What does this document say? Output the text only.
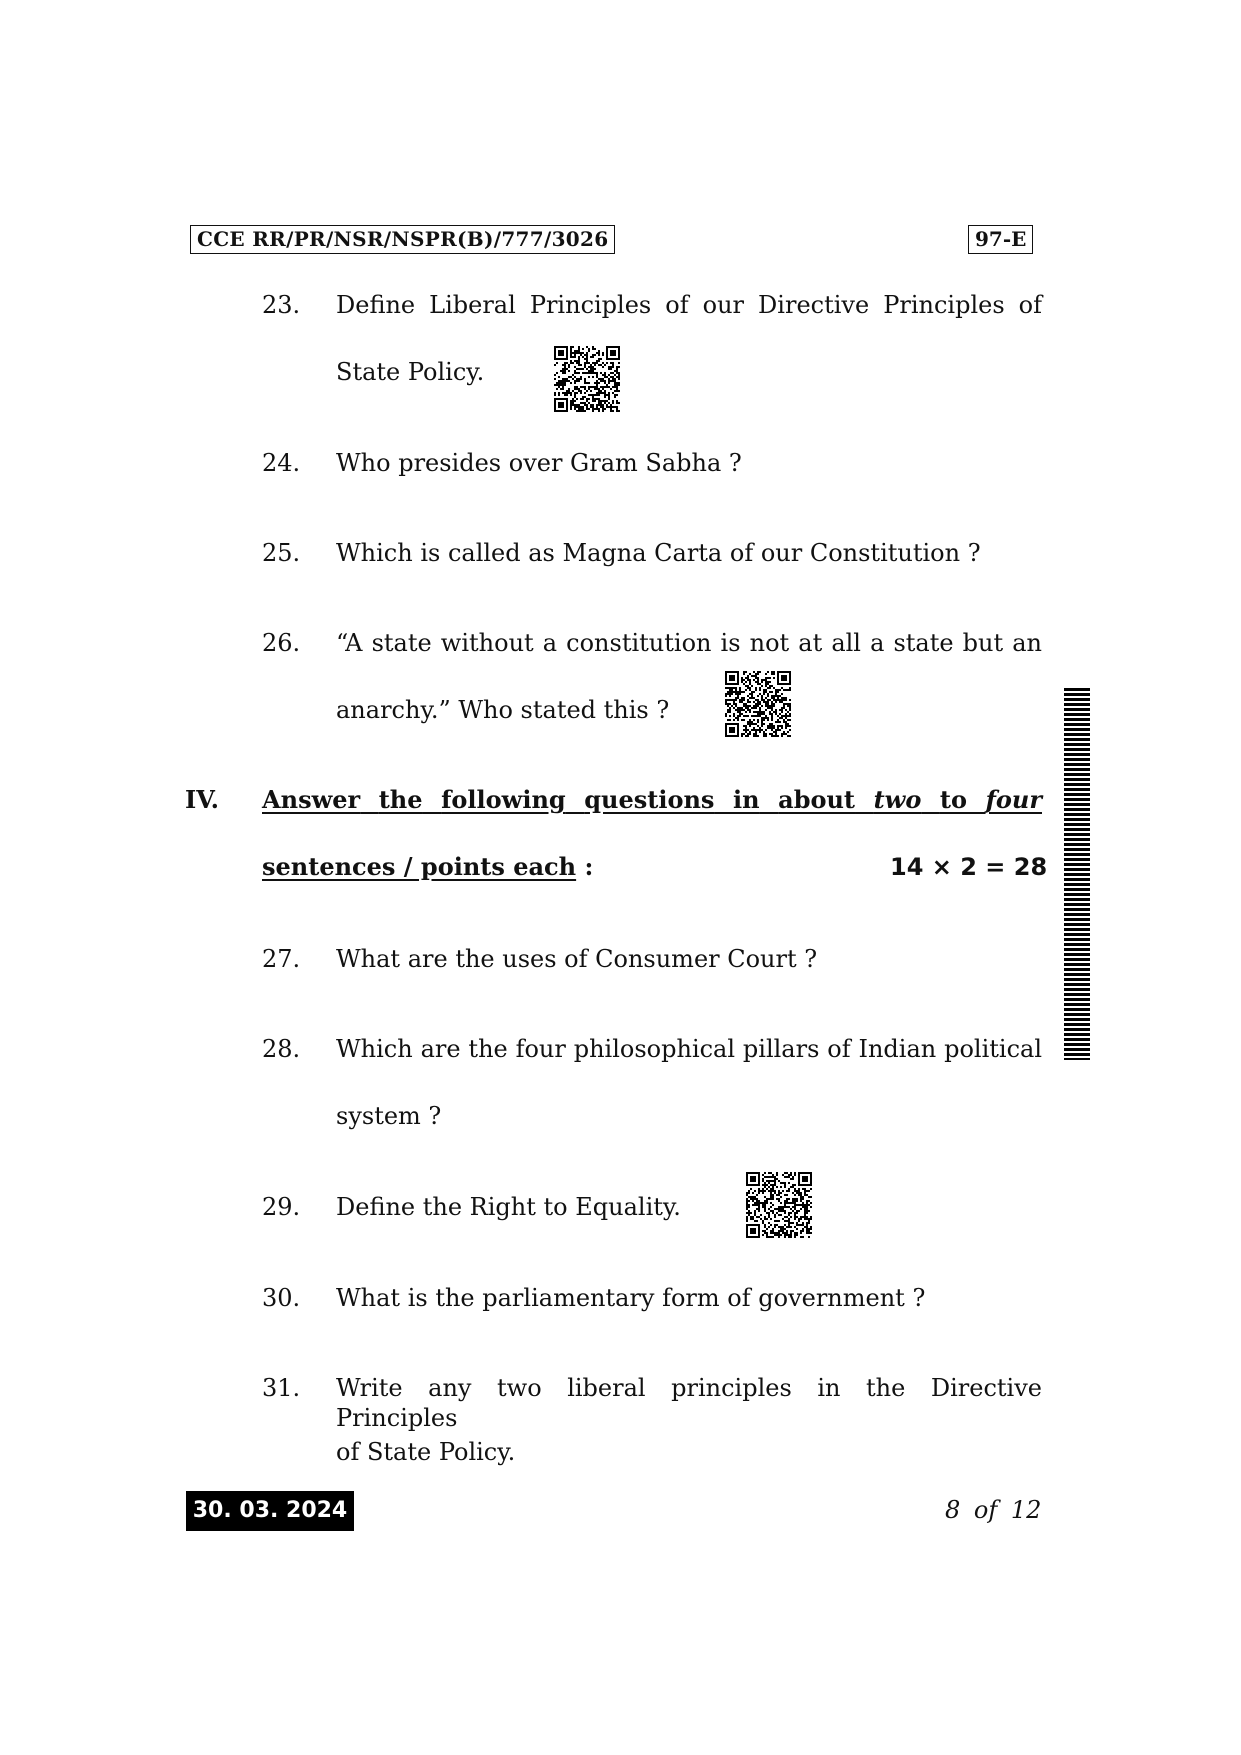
CCE RR/PR/NSR/NSPR(B)/777/3026	97-E
23. Define Liberal Principles of our Directive Principles of
State Policy.
24. Who presides over Gram Sabha ?
25. Which is called as Magna Carta of our Constitution ?
26. “A state without a constitution is not at all a state but an
anarchy.” Who stated this ?
IV. Answer the following questions in about two to four
sentences / points each :	14 × 2 = 28
27. What are the uses of Consumer Court ?
28. Which are the four philosophical pillars of Indian political
system ?
29. Define the Right to Equality.
30. What is the parliamentary form of government ?
31. Write any two liberal principles in the Directive Principles
of State Policy.
30. 03. 2024	8 of 12
